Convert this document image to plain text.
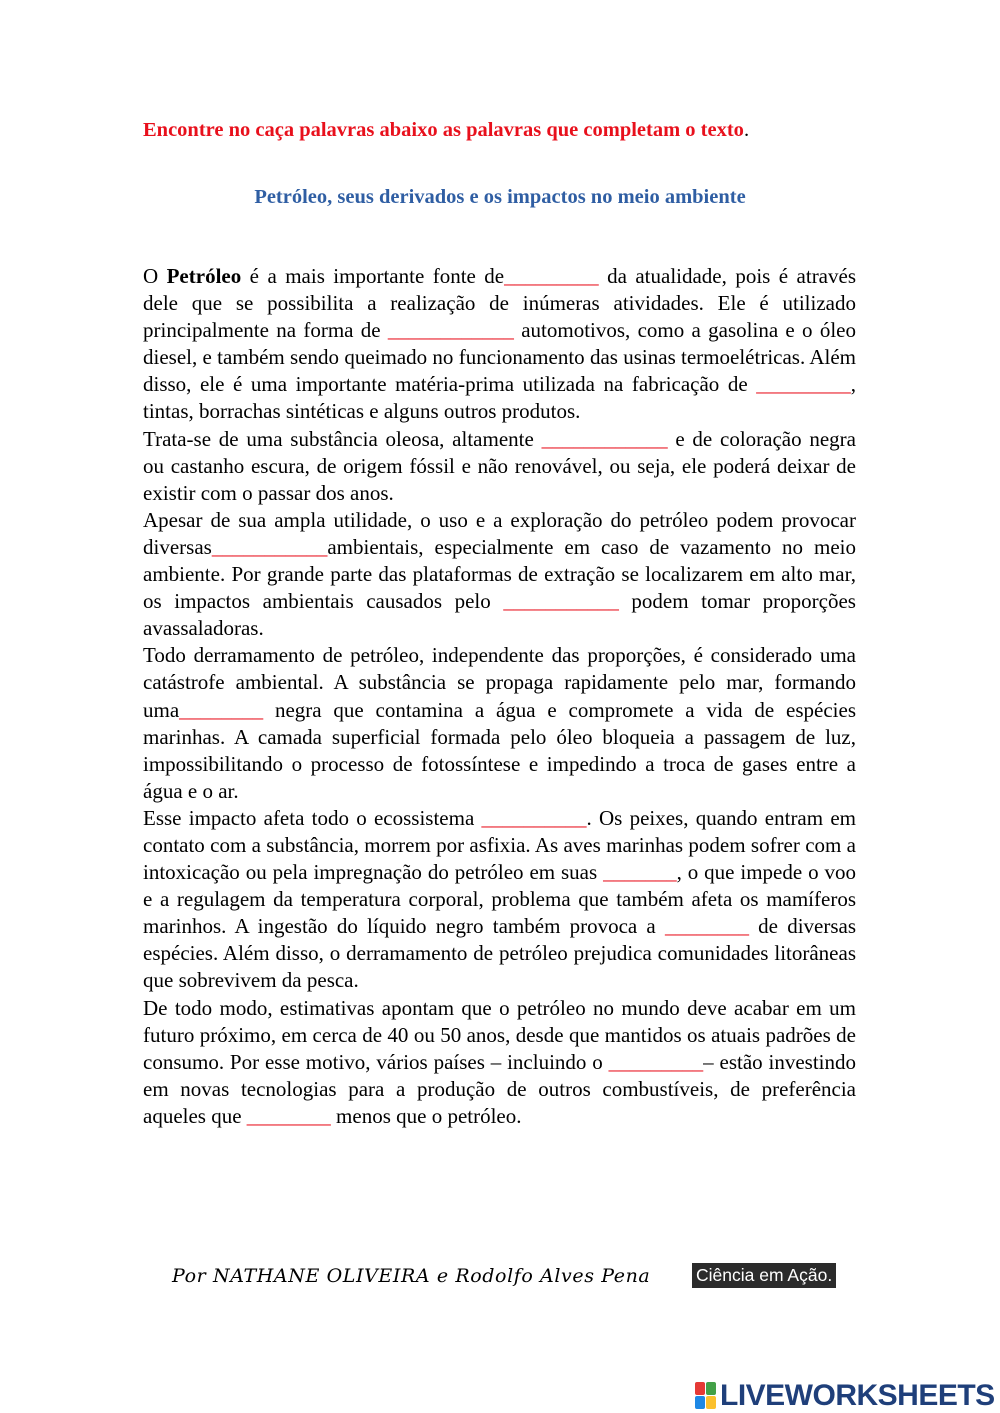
Encontre no caça palavras abaixo as palavras que completam o texto.
Petróleo, seus derivados e os impactos no meio ambiente

O Petróleo é a mais importante fonte de_________ da atualidade, pois é através dele que se possibilita a realização de inúmeras atividades. Ele é utilizado principalmente na forma de ____________ automotivos, como a gasolina e o óleo diesel, e também sendo queimado no funcionamento das usinas termoelétricas. Além disso, ele é uma importante matéria-prima utilizada na fabricação de _________, tintas, borrachas sintéticas e alguns outros produtos.

Trata-se de uma substância oleosa, altamente ____________ e de coloração negra ou castanho escura, de origem fóssil e não renovável, ou seja, ele poderá deixar de existir com o passar dos anos.

Apesar de sua ampla utilidade, o uso e a exploração do petróleo podem provocar diversas___________ambientais, especialmente em caso de vazamento no meio ambiente. Por grande parte das plataformas de extração se localizarem em alto mar, os impactos ambientais causados pelo ___________ podem tomar proporções avassaladoras.

Todo derramamento de petróleo, independente das proporções, é considerado uma catástrofe ambiental. A substância se propaga rapidamente pelo mar, formando uma________ negra que contamina a água e compromete a vida de espécies marinhas. A camada superficial formada pelo óleo bloqueia a passagem de luz, impossibilitando o processo de fotossíntese e impedindo a troca de gases entre a água e o ar.

Esse impacto afeta todo o ecossistema __________. Os peixes, quando entram em contato com a substância, morrem por asfixia. As aves marinhas podem sofrer com a intoxicação ou pela impregnação do petróleo em suas _______, o que impede o voo e a regulagem da temperatura corporal, problema que também afeta os mamíferos marinhos. A ingestão do líquido negro também provoca a ________ de diversas espécies. Além disso, o derramamento de petróleo prejudica comunidades litorâneas que sobrevivem da pesca.

De todo modo, estimativas apontam que o petróleo no mundo deve acabar em um futuro próximo, em cerca de 40 ou 50 anos, desde que mantidos os atuais padrões de consumo. Por esse motivo, vários países – incluindo o _________– estão investindo em novas tecnologias para a produção de outros combustíveis, de preferência aqueles que ________ menos que o petróleo.

Por NATHANE OLIVEIRA e Rodolfo Alves Pena	Ciência em Ação.
LIVEWORKSHEETS
